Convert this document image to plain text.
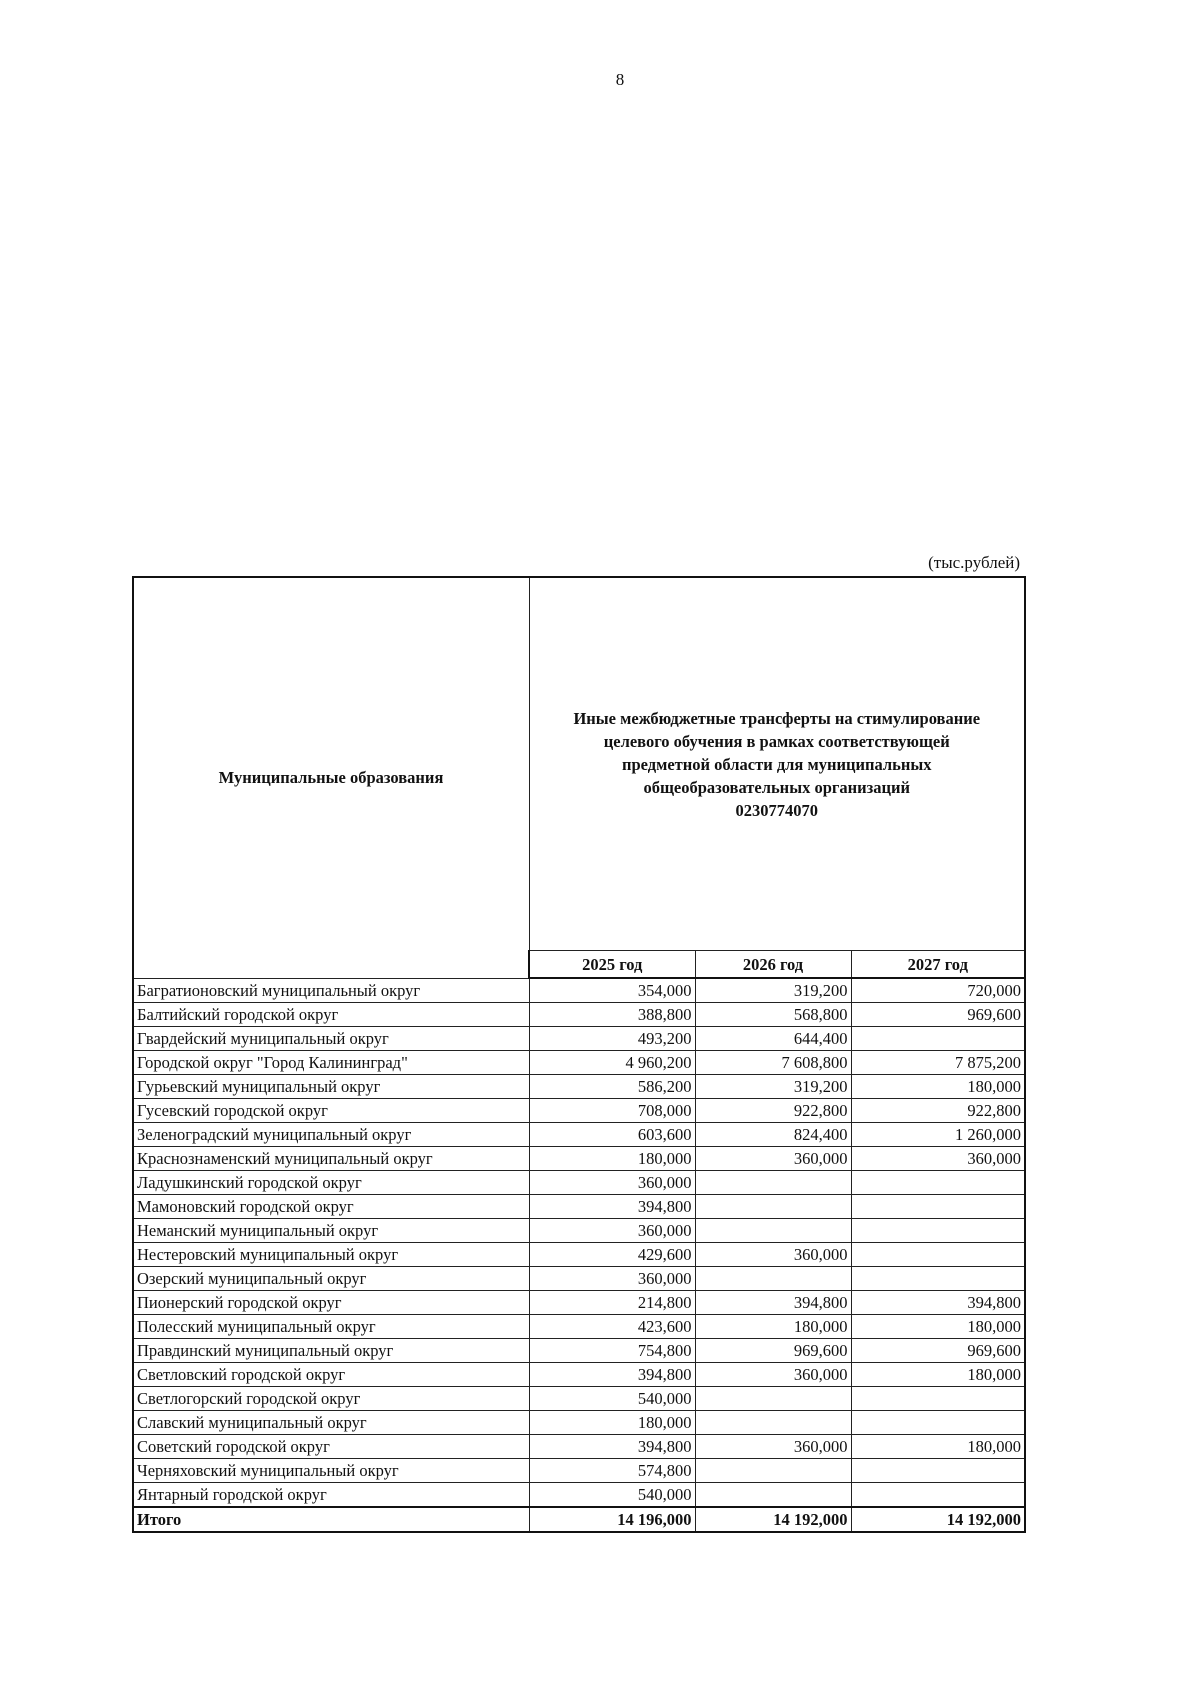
8
(тыс.рублей)
Муниципальные образования	Иные межбюджетные трансферты на стимулирование
целевого обучения в рамках соответствующей
предметной области для муниципальных
общеобразовательных организаций
0230774070		
	2025 год	2026 год	2027 год
Багратионовский муниципальный округ	354,000	319,200	720,000
Балтийский городской округ	388,800	568,800	969,600
Гвардейский муниципальный округ	493,200	644,400	
Городской округ "Город Калининград"	4 960,200	7 608,800	7 875,200
Гурьевский муниципальный округ	586,200	319,200	180,000
Гусевский городской округ	708,000	922,800	922,800
Зеленоградский муниципальный округ	603,600	824,400	1 260,000
Краснознаменский муниципальный округ	180,000	360,000	360,000
Ладушкинский городской округ	360,000		
Мамоновский городской округ	394,800		
Неманский муниципальный округ	360,000		
Нестеровский муниципальный округ	429,600	360,000	
Озерский муниципальный округ	360,000		
Пионерский городской округ	214,800	394,800	394,800
Полесский муниципальный округ	423,600	180,000	180,000
Правдинский муниципальный округ	754,800	969,600	969,600
Светловский городской округ	394,800	360,000	180,000
Светлогорский городской округ	540,000		
Славский муниципальный округ	180,000		
Советский городской округ	394,800	360,000	180,000
Черняховский муниципальный округ	574,800		
Янтарный городской округ	540,000		
Итого	14 196,000	14 192,000	14 192,000
